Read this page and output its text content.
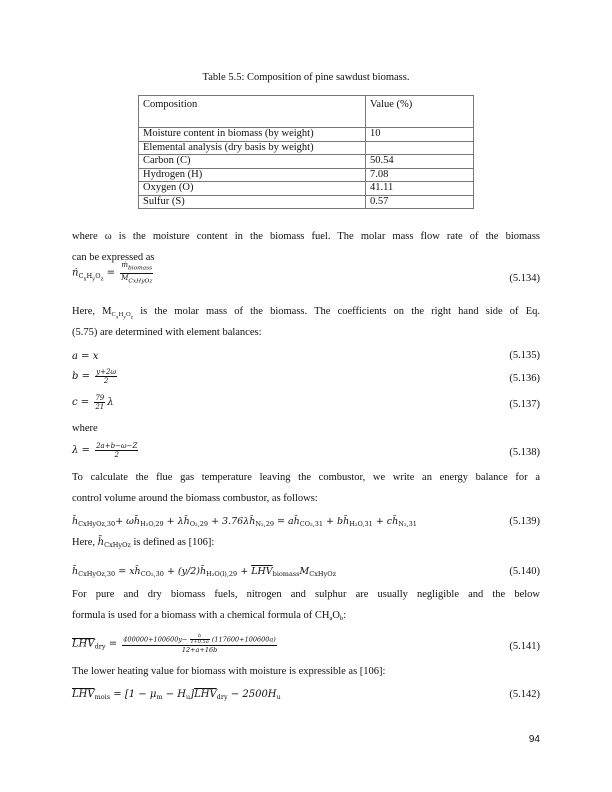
Table 5.5: Composition of pine sawdust biomass.
Composition	Value (%)
Moisture content in biomass (by weight)	10
Elemental analysis (dry basis by weight)	
Carbon (C)	50.54
Hydrogen (H)	7.08
Oxygen (O)	41.11
Sulfur (S)	0.57
where ω is the moisture content in the biomass fuel. The molar mass flow rate of the biomass
can be expressed as
ṅ$_{C_xH_yO_z}$ = $\frac{ṁ_{biomass}}{M_{CxHyOz}}$	(5.134)
Here, $M_{C_xH_yO_z}$ is the molar mass of the biomass. The coefficients on the right hand side of Eq.
(5.75) are determined with element balances:
a = x	(5.135)
$b = \frac{y+2\omega}{2}$	(5.136)
$c = \frac{79}{21}$ λ	(5.137)
where
$\lambda = \frac{2a+b-\omega-Z}{2}$	(5.138)
To calculate the flue gas temperature leaving the combustor, we write an energy balance for a
control volume around the biomass combustor, as follows:
$h̄_{CxHyOz,30}+$ $\omega h̄_{H_2O,29}$ + $\lambda h̄_{O_2,29}$ + $3.76\lambda h̄_{N_2,29}$ = $ah̄_{CO_2,31}$ + $bh̄_{H_2O,31}$ + $ch̄_{N_2,31}$	(5.139)
Here, $h̄_{CxHyOz}$ is defined as [106]:
$h̄_{CxHyOz,30}$ = $xh̄_{CO_2,30}$ + $(y/2)h̄_{H_2O(l),29} + \overline{LHV}_{biomass}M_{CxHyOz}$	(5.140)
For pure and dry biomass fuels, nitrogen and sulphur are usually negligible and the below
formula is used for a biomass with a chemical formula of $CH_aO_b$:
$\overline{LHV}_{dry} = \frac{400000+100600y- \frac{b}{1+0.5a} (117600+100600a)}{12+a+16b}$	(5.141)
The lower heating value for biomass with moisture is expressible as [106]:
$\overline{LHV}_{mois} = [1 - \mu_m - H_u]\overline{LHV}_{dry} - 2500H_u$	(5.142)
94
